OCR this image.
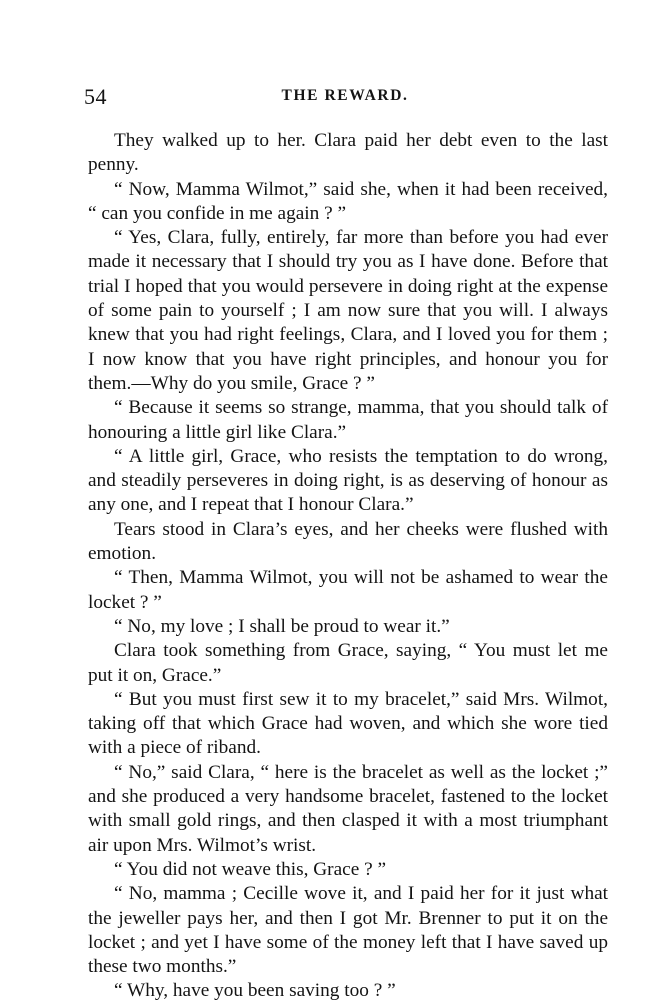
54	THE REWARD.

They walked up to her. Clara paid her debt even to the last penny.

“ Now, Mamma Wilmot,” said she, when it had been received, “ can you confide in me again ? ”

“ Yes, Clara, fully, entirely, far more than before you had ever made it necessary that I should try you as I have done. Before that trial I hoped that you would persevere in doing right at the expense of some pain to yourself ; I am now sure that you will. I always knew that you had right feelings, Clara, and I loved you for them ; I now know that you have right principles, and honour you for them.—Why do you smile, Grace ? ”

“ Because it seems so strange, mamma, that you should talk of honouring a little girl like Clara.”

“ A little girl, Grace, who resists the temptation to do wrong, and steadily perseveres in doing right, is as deserving of honour as any one, and I repeat that I honour Clara.”

Tears stood in Clara’s eyes, and her cheeks were flushed with emotion.

“ Then, Mamma Wilmot, you will not be ashamed to wear the locket ? ”

“ No, my love ; I shall be proud to wear it.”

Clara took something from Grace, saying, “ You must let me put it on, Grace.”

“ But you must first sew it to my bracelet,” said Mrs. Wilmot, taking off that which Grace had woven, and which she wore tied with a piece of riband.

“ No,” said Clara, “ here is the bracelet as well as the locket ;” and she produced a very handsome bracelet, fastened to the locket with small gold rings, and then clasped it with a most triumphant air upon Mrs. Wilmot’s wrist.

“ You did not weave this, Grace ? ”

“ No, mamma ; Cecille wove it, and I paid her for it just what the jeweller pays her, and then I got Mr. Brenner to put it on the locket ; and yet I have some of the money left that I have saved up these two months.”

“ Why, have you been saving too ? ”
